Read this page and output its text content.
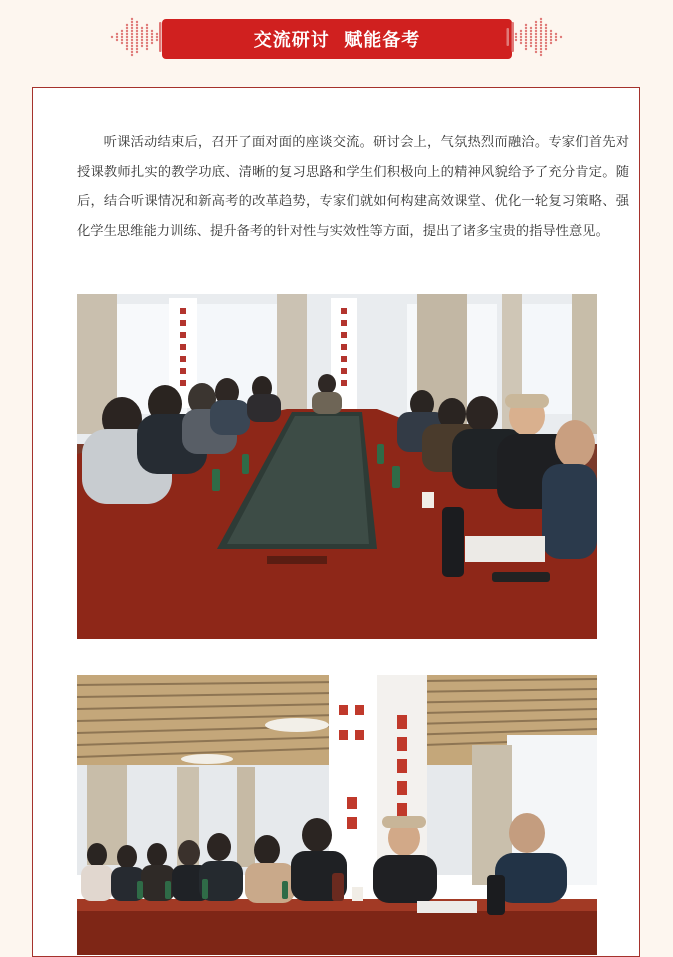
交流研讨  赋能备考

听课活动结束后，召开了面对面的座谈交流。研讨会上，气氛热烈而融洽。专家们首先对授课教师扎实的教学功底、清晰的复习思路和学生们积极向上的精神风貌给予了充分肯定。随后，结合听课情况和新高考的改革趋势，专家们就如何构建高效课堂、优化一轮复习策略、强化学生思维能力训练、提升备考的针对性与实效性等方面，提出了诸多宝贵的指导性意见。
